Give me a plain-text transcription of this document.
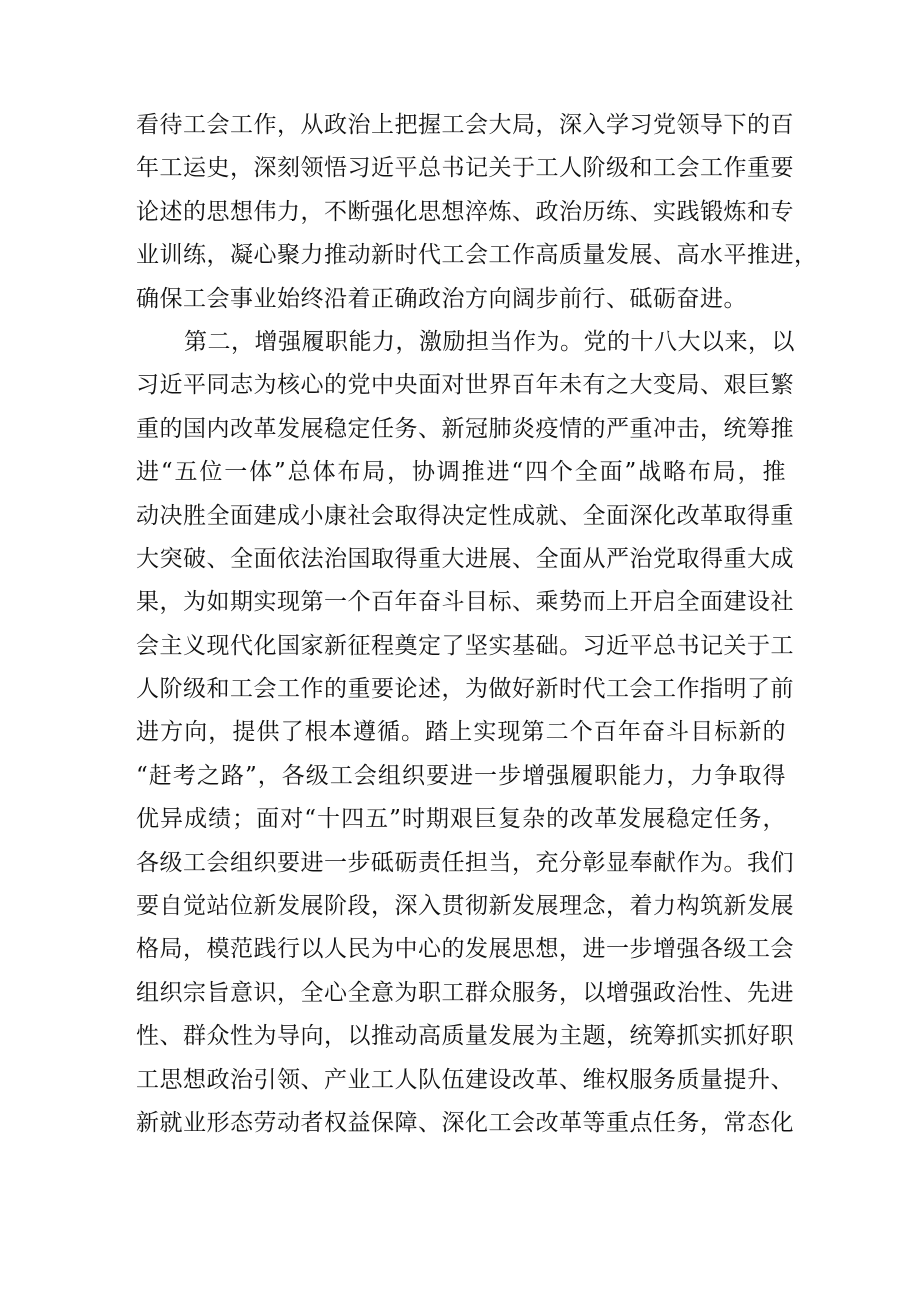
看待工会工作，从政治上把握工会大局，深入学习党领导下的百
年工运史，深刻领悟习近平总书记关于工人阶级和工会工作重要
论述的思想伟力，不断强化思想淬炼、政治历练、实践锻炼和专
业训练，凝心聚力推动新时代工会工作高质量发展、高水平推进，
确保工会事业始终沿着正确政治方向阔步前行、砥砺奋进。
第二，增强履职能力，激励担当作为。党的十八大以来，以
习近平同志为核心的党中央面对世界百年未有之大变局、艰巨繁
重的国内改革发展稳定任务、新冠肺炎疫情的严重冲击，统筹推
进“五位一体”总体布局，协调推进“四个全面”战略布局，推
动决胜全面建成小康社会取得决定性成就、全面深化改革取得重
大突破、全面依法治国取得重大进展、全面从严治党取得重大成
果，为如期实现第一个百年奋斗目标、乘势而上开启全面建设社
会主义现代化国家新征程奠定了坚实基础。习近平总书记关于工
人阶级和工会工作的重要论述，为做好新时代工会工作指明了前
进方向，提供了根本遵循。踏上实现第二个百年奋斗目标新的
“赶考之路”，各级工会组织要进一步增强履职能力，力争取得
优异成绩；面对“十四五”时期艰巨复杂的改革发展稳定任务，
各级工会组织要进一步砥砺责任担当，充分彰显奉献作为。我们
要自觉站位新发展阶段，深入贯彻新发展理念，着力构筑新发展
格局，模范践行以人民为中心的发展思想，进一步增强各级工会
组织宗旨意识，全心全意为职工群众服务，以增强政治性、先进
性、群众性为导向，以推动高质量发展为主题，统筹抓实抓好职
工思想政治引领、产业工人队伍建设改革、维权服务质量提升、
新就业形态劳动者权益保障、深化工会改革等重点任务，常态化
